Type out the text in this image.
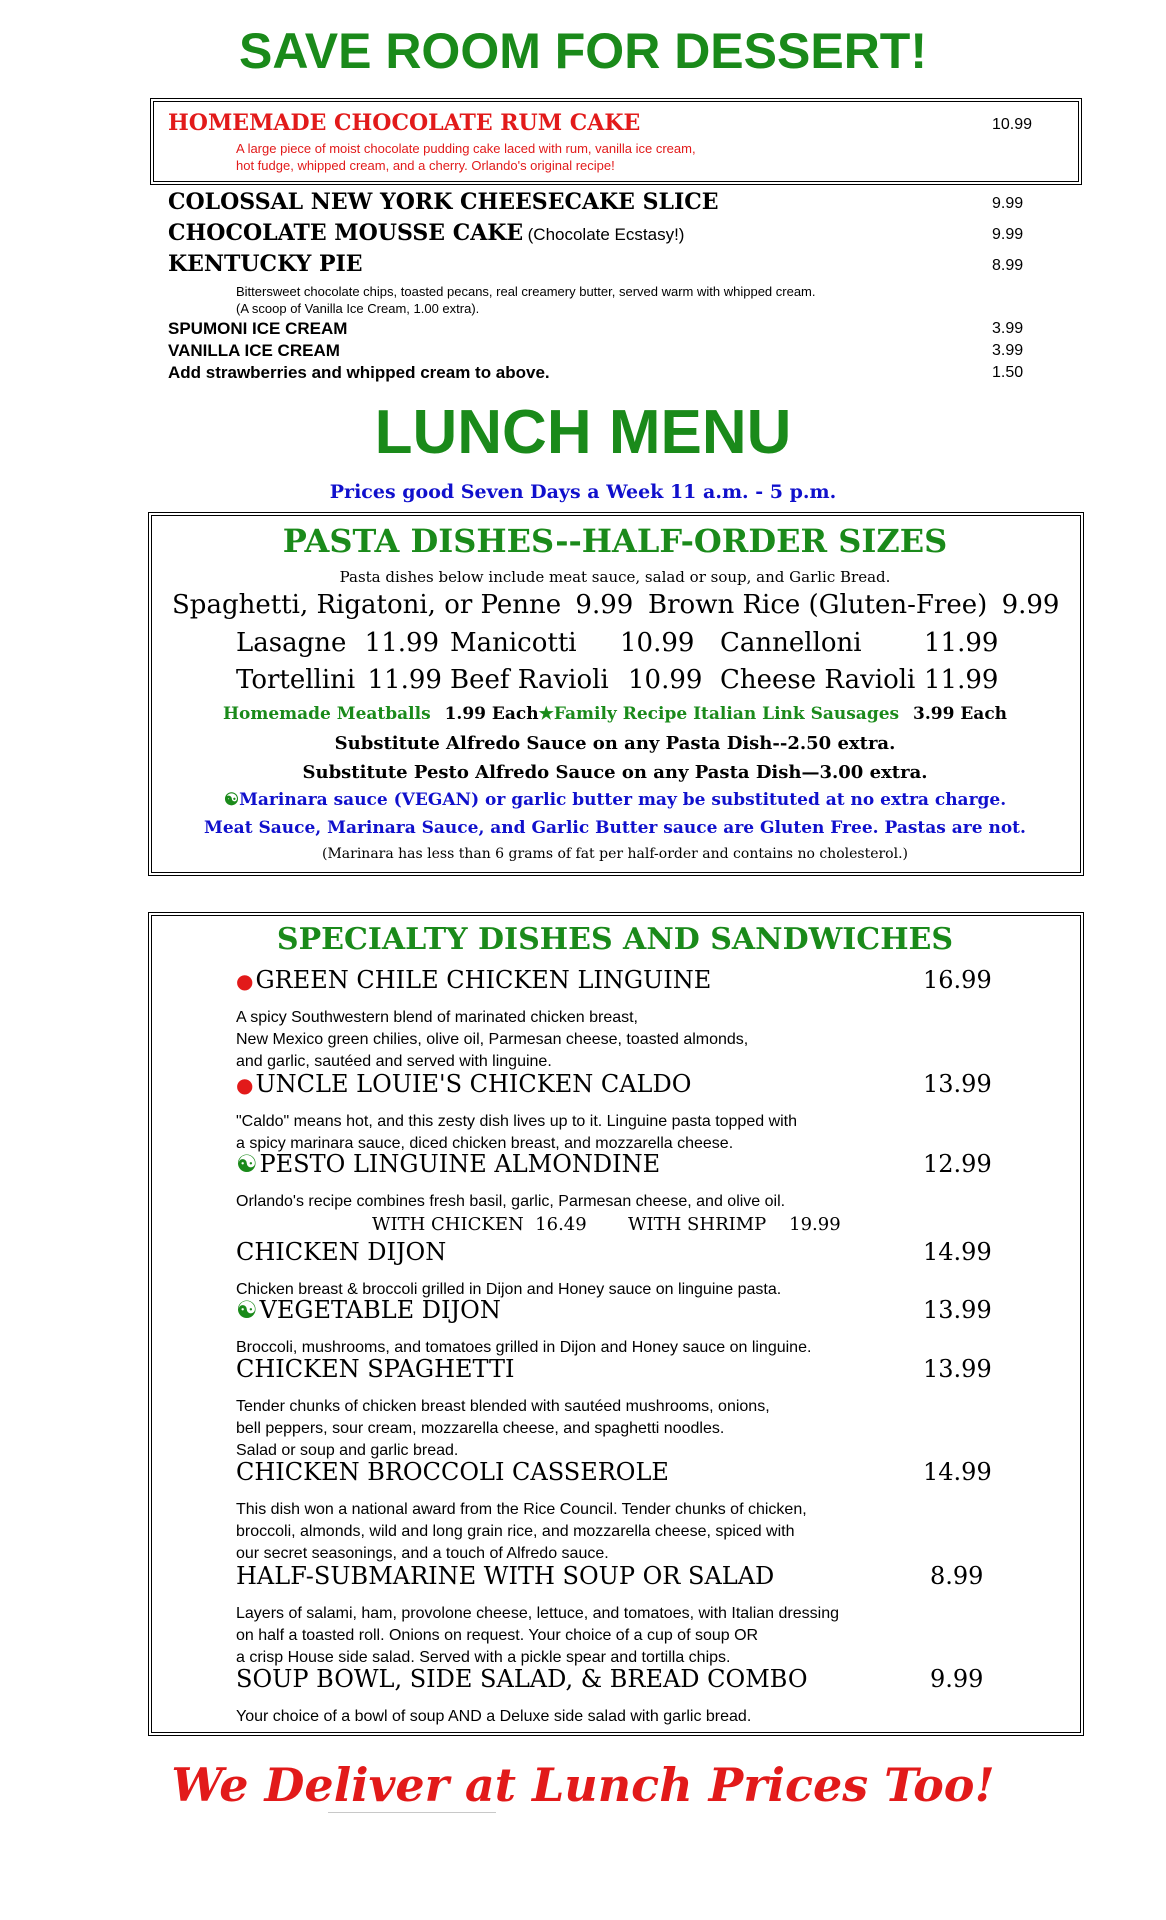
SAVE ROOM FOR DESSERT!
HOMEMADE CHOCOLATE RUM CAKE	10.99
A large piece of moist chocolate pudding cake laced with rum, vanilla ice cream,
hot fudge, whipped cream, and a cherry. Orlando's original recipe!
COLOSSAL NEW YORK CHEESECAKE SLICE	9.99
CHOCOLATE MOUSSE CAKE (Chocolate Ecstasy!)	9.99
KENTUCKY PIE	8.99
Bittersweet chocolate chips, toasted pecans, real creamery butter, served warm with whipped cream.
(A scoop of Vanilla Ice Cream, 1.00 extra).
SPUMONI ICE CREAM	3.99
VANILLA ICE CREAM	3.99
Add strawberries and whipped cream to above.	1.50
LUNCH MENU
Prices good Seven Days a Week 11 a.m. - 5 p.m.
PASTA DISHES--HALF-ORDER SIZES
Pasta dishes below include meat sauce, salad or soup, and Garlic Bread.
Spaghetti, Rigatoni, or Penne 9.99 Brown Rice (Gluten-Free) 9.99
Lasagne 11.99 Manicotti 10.99 Cannelloni 11.99
Tortellini 11.99 Beef Ravioli 10.99 Cheese Ravioli 11.99
Homemade Meatballs 1.99 Each★Family Recipe Italian Link Sausages 3.99 Each
Substitute Alfredo Sauce on any Pasta Dish--2.50 extra.
Substitute Pesto Alfredo Sauce on any Pasta Dish—3.00 extra.
☯Marinara sauce (VEGAN) or garlic butter may be substituted at no extra charge.
Meat Sauce, Marinara Sauce, and Garlic Butter sauce are Gluten Free. Pastas are not.
(Marinara has less than 6 grams of fat per half-order and contains no cholesterol.)
SPECIALTY DISHES AND SANDWICHES
●GREEN CHILE CHICKEN LINGUINE	16.99
A spicy Southwestern blend of marinated chicken breast,
New Mexico green chilies, olive oil, Parmesan cheese, toasted almonds,
and garlic, sautéed and served with linguine.
●UNCLE LOUIE'S CHICKEN CALDO	13.99
"Caldo" means hot, and this zesty dish lives up to it. Linguine pasta topped with
a spicy marinara sauce, diced chicken breast, and mozzarella cheese.
☯PESTO LINGUINE ALMONDINE	12.99
Orlando's recipe combines fresh basil, garlic, Parmesan cheese, and olive oil.
WITH CHICKEN  16.49 WITH SHRIMP    19.99
CHICKEN DIJON	14.99
Chicken breast & broccoli grilled in Dijon and Honey sauce on linguine pasta.
☯VEGETABLE DIJON	13.99
Broccoli, mushrooms, and tomatoes grilled in Dijon and Honey sauce on linguine.
CHICKEN SPAGHETTI	13.99
Tender chunks of chicken breast blended with sautéed mushrooms, onions,
bell peppers, sour cream, mozzarella cheese, and spaghetti noodles.
Salad or soup and garlic bread.
CHICKEN BROCCOLI CASSEROLE	14.99
This dish won a national award from the Rice Council. Tender chunks of chicken,
broccoli, almonds, wild and long grain rice, and mozzarella cheese, spiced with
our secret seasonings, and a touch of Alfredo sauce.
HALF-SUBMARINE WITH SOUP OR SALAD	8.99
Layers of salami, ham, provolone cheese, lettuce, and tomatoes, with Italian dressing
on half a toasted roll. Onions on request. Your choice of a cup of soup OR
a crisp House side salad. Served with a pickle spear and tortilla chips.
SOUP BOWL, SIDE SALAD, & BREAD COMBO	9.99
Your choice of a bowl of soup AND a Deluxe side salad with garlic bread.
We Deliver at Lunch Prices Too!
